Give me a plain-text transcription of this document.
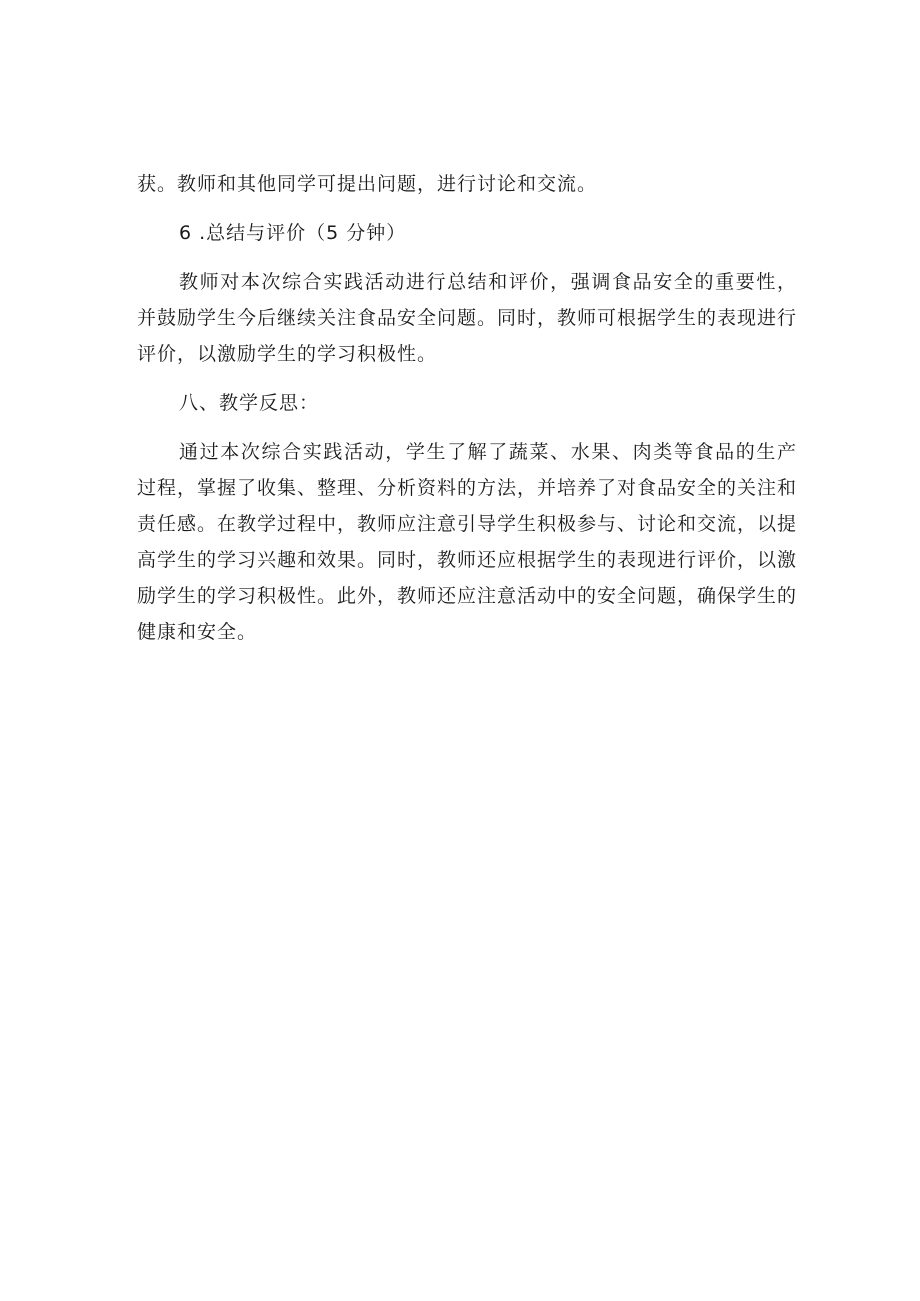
获。教师和其他同学可提出问题，进行讨论和交流。

6 .总结与评价（5 分钟）

教师对本次综合实践活动进行总结和评价，强调食品安全的重要性，
并鼓励学生今后继续关注食品安全问题。同时，教师可根据学生的表现进行
评价，以激励学生的学习积极性。

八、教学反思：

通过本次综合实践活动，学生了解了蔬菜、水果、肉类等食品的生产
过程，掌握了收集、整理、分析资料的方法，并培养了对食品安全的关注和
责任感。在教学过程中，教师应注意引导学生积极参与、讨论和交流，以提
高学生的学习兴趣和效果。同时，教师还应根据学生的表现进行评价，以激
励学生的学习积极性。此外，教师还应注意活动中的安全问题，确保学生的
健康和安全。
